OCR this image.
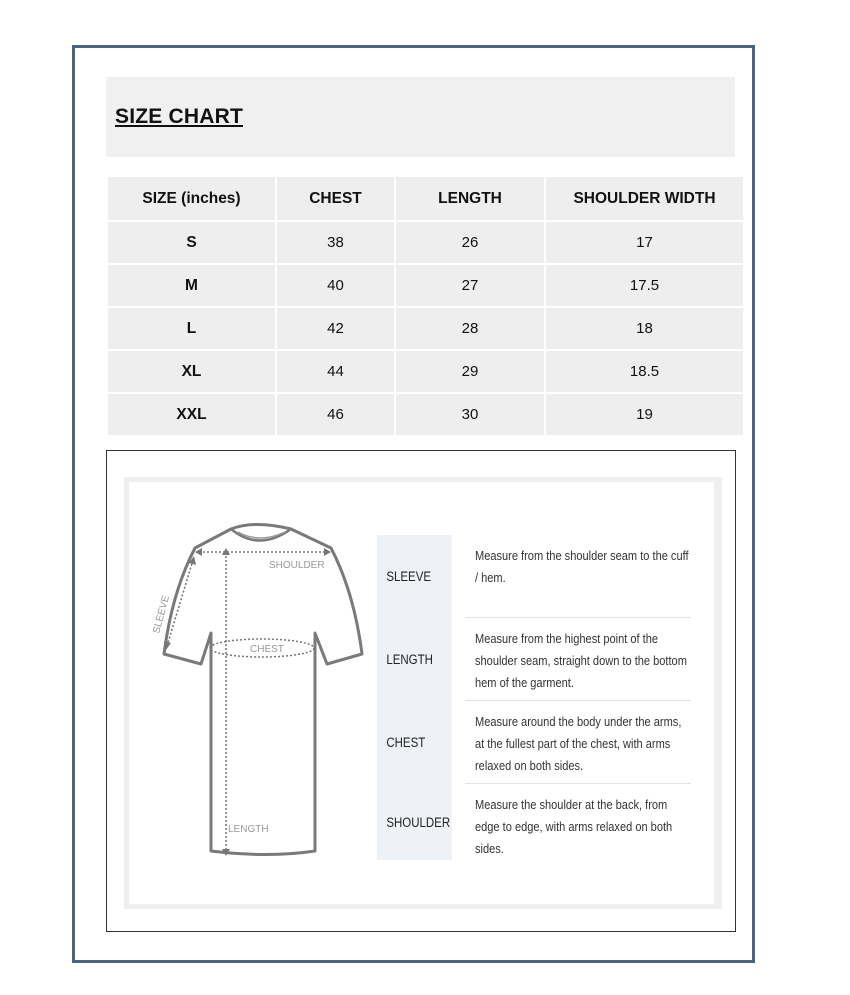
SIZE CHART
SIZE (inches)	CHEST	LENGTH	SHOULDER WIDTH
S	38	26	17
M	40	27	17.5
L	42	28	18
XL	44	29	18.5
XXL	46	30	19
SHOULDER
SLEEVE
CHEST
LENGTH
SLEEVE
Measure from the shoulder seam to the cuff / hem.
LENGTH
Measure from the highest point of the shoulder seam, straight down to the bottom hem of the garment.
CHEST
Measure around the body under the arms, at the fullest part of the chest, with arms relaxed on both sides.
SHOULDER
Measure the shoulder at the back, from edge to edge, with arms relaxed on both sides.
